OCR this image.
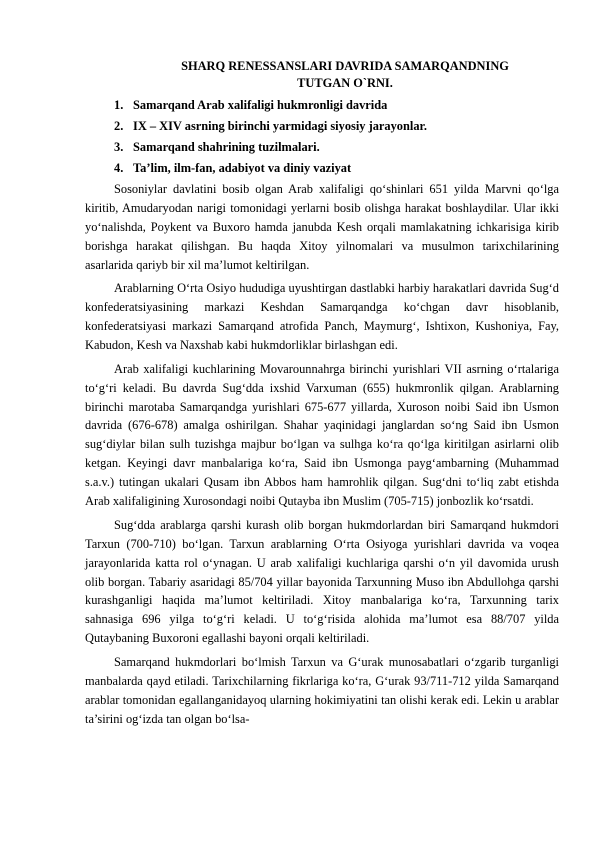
SHARQ RENESSANSLARI DAVRIDA SAMARQANDNING
TUTGAN O`RNI.
1. Samarqand Arab xalifaligi hukmronligi davrida
2. IX – XIV asrning birinchi yarmidagi siyosiy jarayonlar.
3. Samarqand shahrining tuzilmalari.
4. Ta’lim, ilm-fan, adabiyot va diniy vaziyat

Sosoniylar davlatini bosib olgan Arab xalifaligi qo‘shinlari 651 yilda Marvni qo‘lga kiritib, Amudaryodan narigi tomonidagi yerlarni bosib olishga harakat boshlaydilar. Ular ikki yo‘nalishda, Poykent va Buxoro hamda janubda Kesh orqali mamlakatning ichkarisiga kirib borishga harakat qilishgan. Bu haqda Xitoy yilnomalari va musulmon tarixchilarining asarlarida qariyb bir xil ma’lumot keltirilgan.

Arablarning O‘rta Osiyo hududiga uyushtirgan dastlabki harbiy harakatlari davrida Sug‘d konfederatsiyasining markazi Keshdan Samarqandga ko‘chgan davr hisoblanib, konfederatsiyasi markazi Samarqand atrofida Panch, Maymurg‘, Ishtixon, Kushoniya, Fay, Kabudon, Kesh va Naxshab kabi hukmdorliklar birlashgan edi.

Arab xalifaligi kuchlarining Movarounnahrga birinchi yurishlari VII asrning o‘rtalariga to‘g‘ri keladi. Bu davrda Sug‘dda ixshid Varxuman (655) hukmronlik qilgan. Arablarning birinchi marotaba Samarqandga yurishlari 675-677 yillarda, Xuroson noibi Said ibn Usmon davrida (676-678) amalga oshirilgan. Shahar yaqinidagi janglardan so‘ng Said ibn Usmon sug‘diylar bilan sulh tuzishga majbur bo‘lgan va sulhga ko‘ra qo‘lga kiritilgan asirlarni olib ketgan. Keyingi davr manbalariga ko‘ra, Said ibn Usmonga payg‘ambarning (Muhammad s.a.v.) tutingan ukalari Qusam ibn Abbos ham hamrohlik qilgan. Sug‘dni to‘liq zabt etishda Arab xalifaligining Xurosondagi noibi Qutayba ibn Muslim (705-715) jonbozlik ko‘rsatdi.

Sug‘dda arablarga qarshi kurash olib borgan hukmdorlardan biri Samarqand hukmdori Tarxun (700-710) bo‘lgan. Tarxun arablarning O‘rta Osiyoga yurishlari davrida va voqea jarayonlarida katta rol o‘ynagan. U arab xalifaligi kuchlariga qarshi o‘n yil davomida urush olib borgan. Tabariy asaridagi 85/704 yillar bayonida Tarxunning Muso ibn Abdullohga qarshi kurashganligi haqida ma’lumot keltiriladi. Xitoy manbalariga ko‘ra, Tarxunning tarix sahnasiga 696 yilga to‘g‘ri keladi. U to‘g‘risida alohida ma’lumot esa 88/707 yilda Qutaybaning Buxoroni egallashi bayoni orqali keltiriladi.

Samarqand hukmdorlari bo‘lmish Tarxun va G‘urak munosabatlari o‘zgarib turganligi manbalarda qayd etiladi. Tarixchilarning fikrlariga ko‘ra, G‘urak 93/711-712 yilda Samarqand arablar tomonidan egallanganidayoq ularning hokimiyatini tan olishi kerak edi. Lekin u arablar ta’sirini og‘izda tan olgan bo‘lsa-
